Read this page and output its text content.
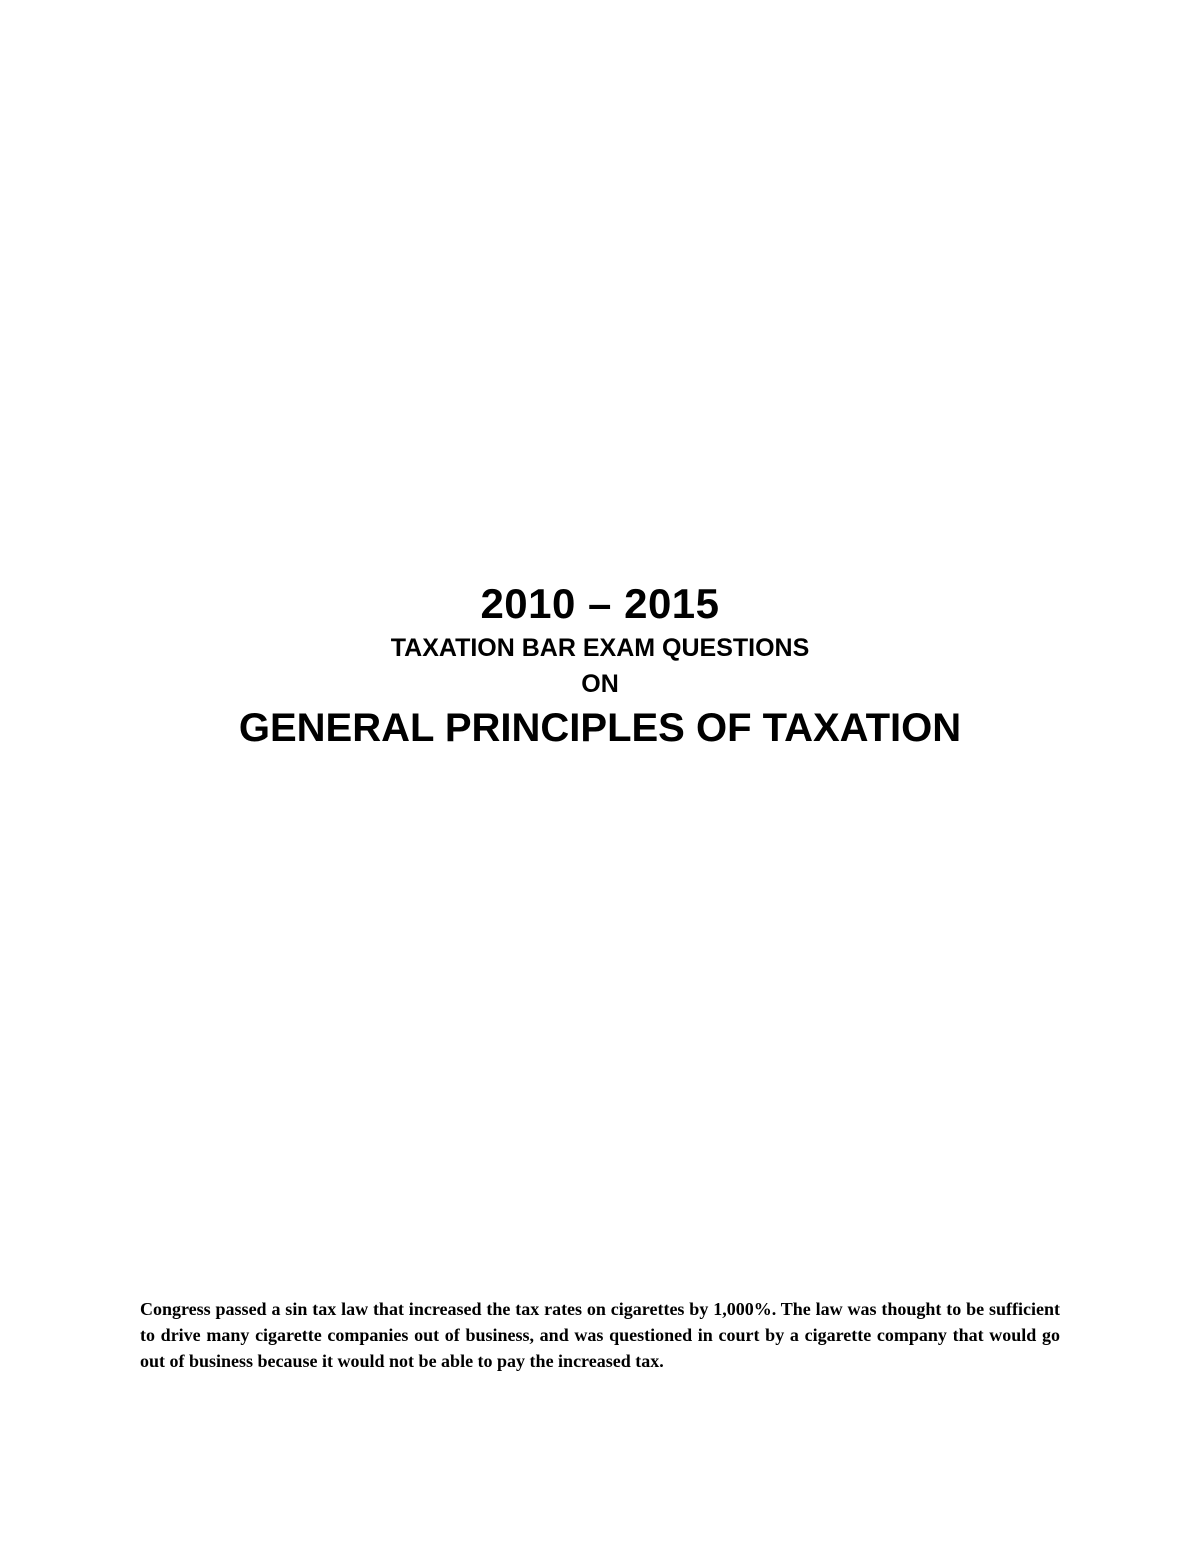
2010 – 2015
TAXATION BAR EXAM QUESTIONS
ON
GENERAL PRINCIPLES OF TAXATION

Congress passed a sin tax law that increased the tax rates on cigarettes by 1,000%. The law was thought to be sufficient to drive many cigarette companies out of business, and was questioned in court by a cigarette company that would go out of business because it would not be able to pay the increased tax.
